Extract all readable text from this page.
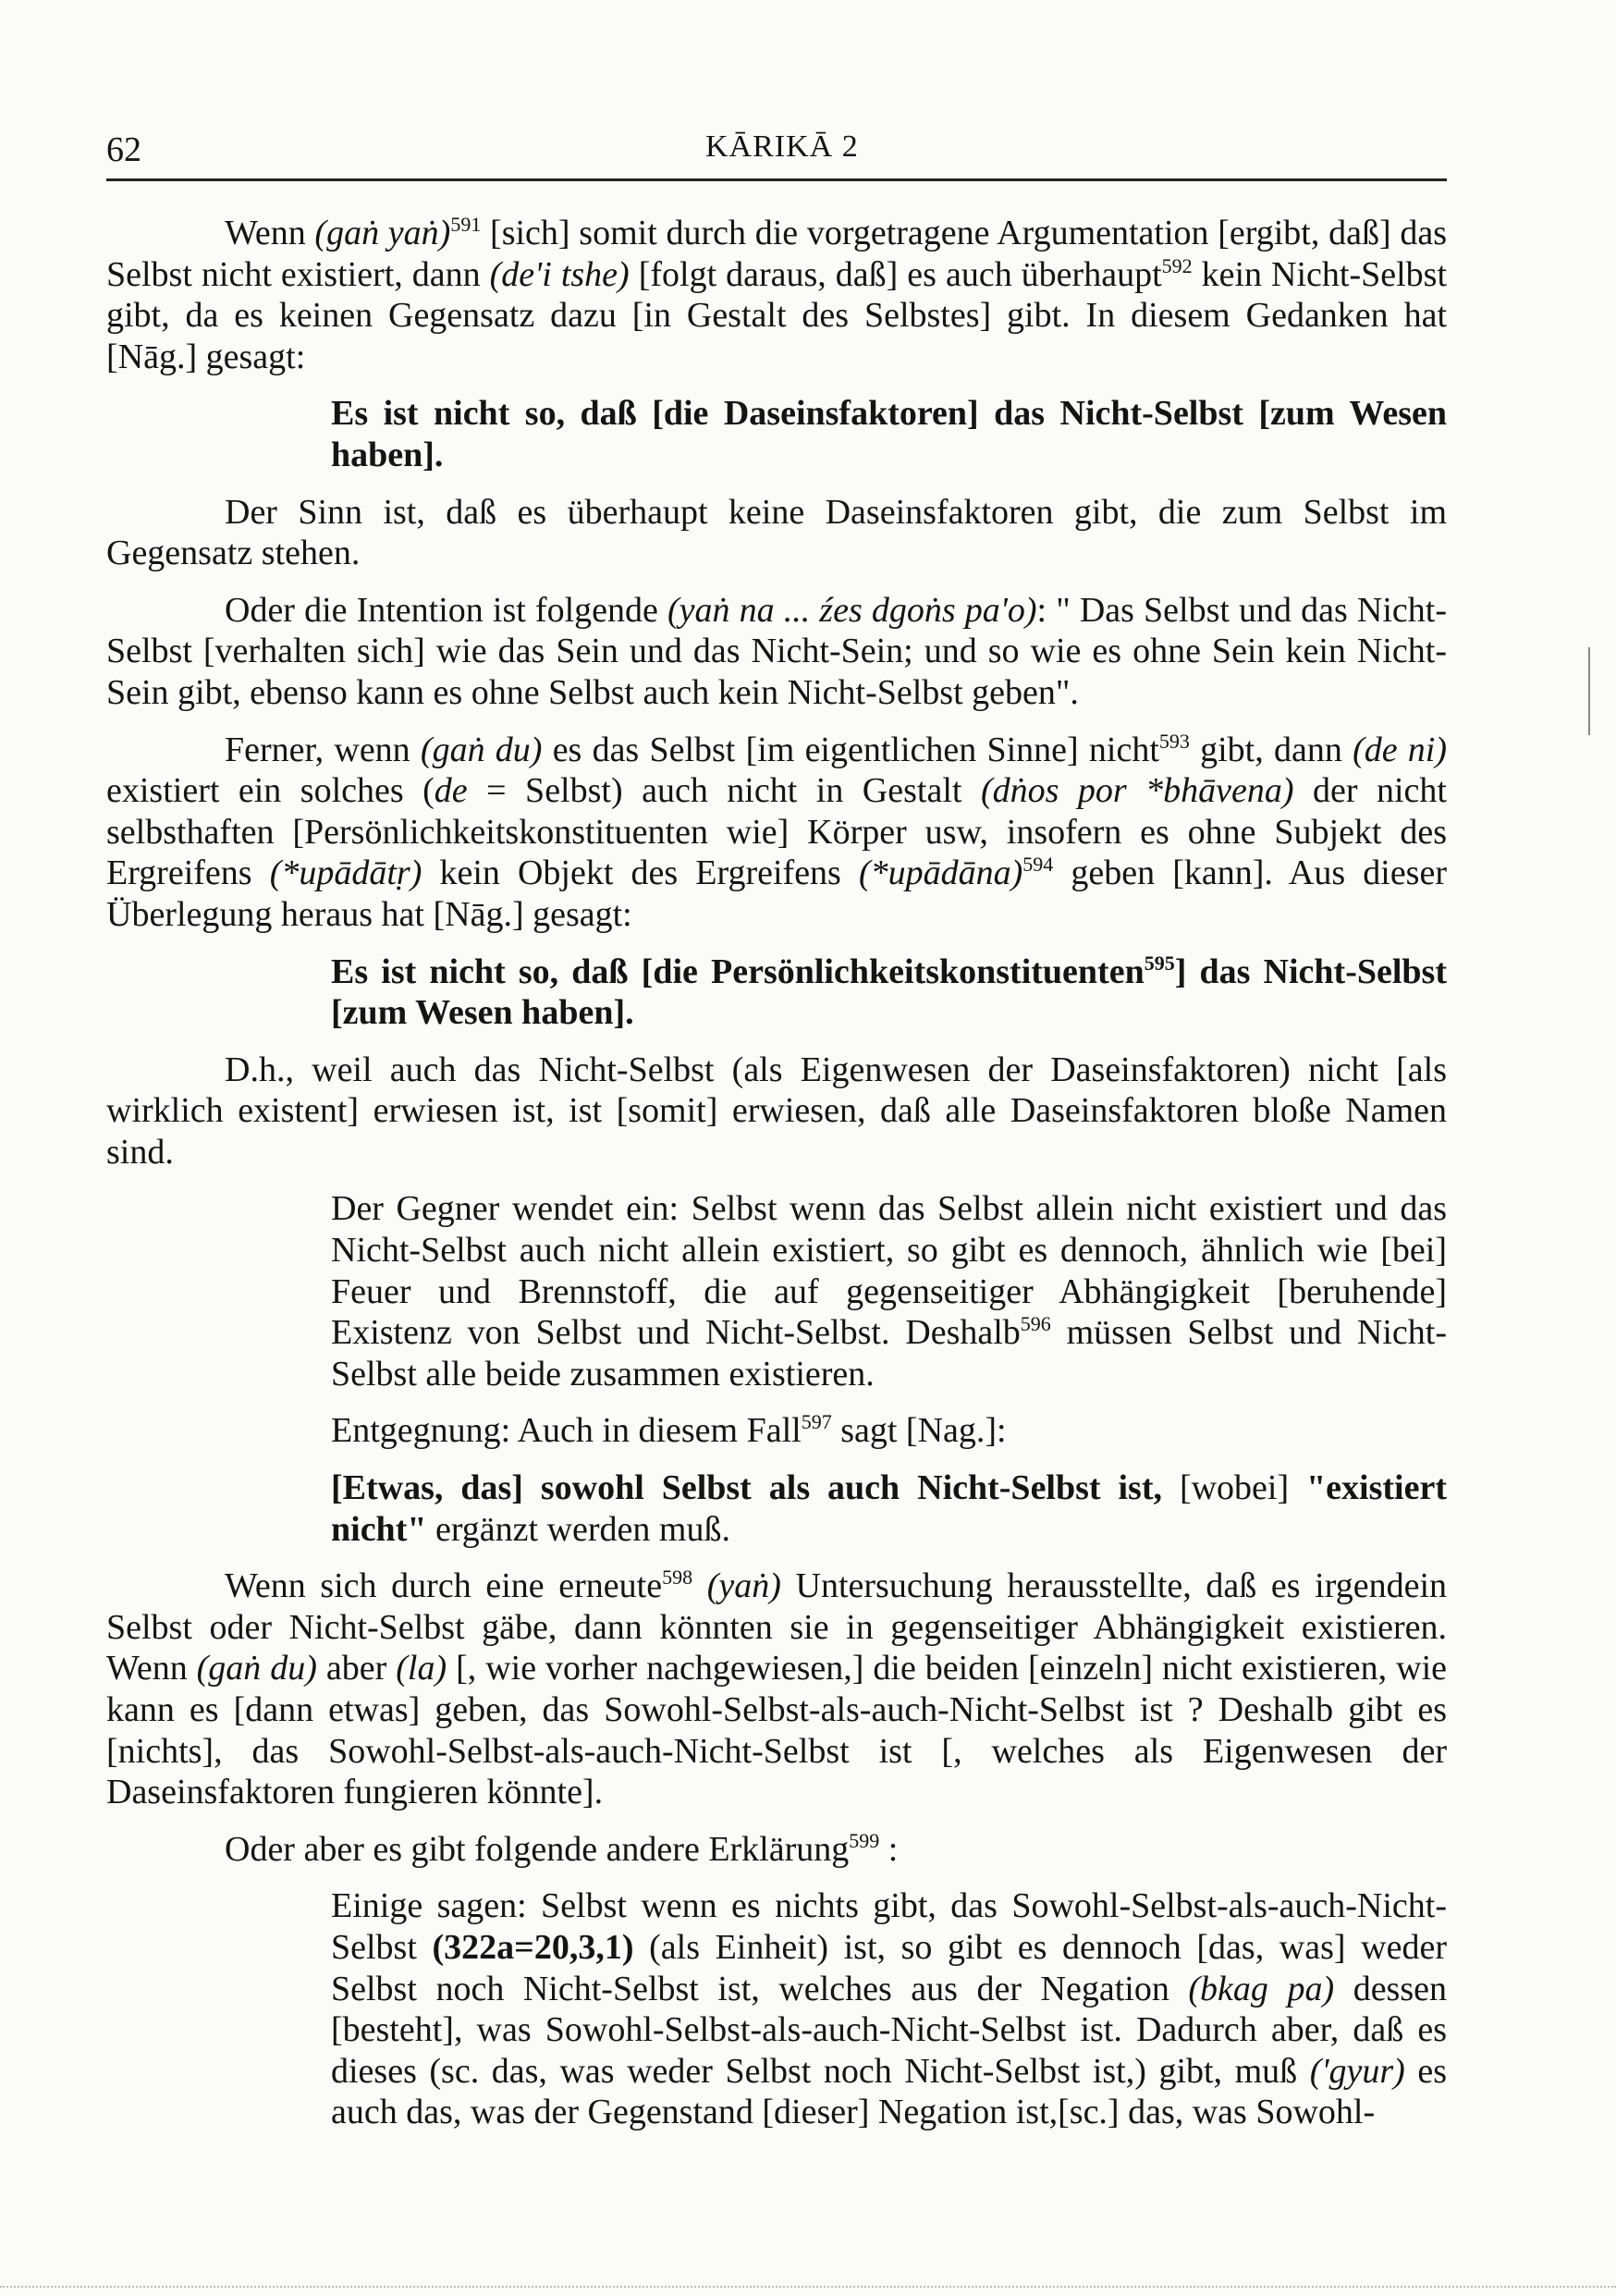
62	KĀRIKĀ 2

Wenn (gaṅ yaṅ)$^{591}$ [sich] somit durch die vorgetragene Argumentation [ergibt, daß] das Selbst nicht existiert, dann (de'i tshe) [folgt daraus, daß] es auch überhaupt$^{592}$ kein Nicht-Selbst gibt, da es keinen Gegensatz dazu [in Gestalt des Selbstes] gibt. In diesem Gedanken hat [Nāg.] gesagt:

Es ist nicht so, daß [die Daseinsfaktoren] das Nicht-Selbst [zum Wesen haben].

Der Sinn ist, daß es überhaupt keine Daseinsfaktoren gibt, die zum Selbst im Gegensatz stehen.

Oder die Intention ist folgende (yaṅ na ... źes dgoṅs pa'o): " Das Selbst und das Nicht-Selbst [verhalten sich] wie das Sein und das Nicht-Sein; und so wie es ohne Sein kein Nicht-Sein gibt, ebenso kann es ohne Selbst auch kein Nicht-Selbst geben".

Ferner, wenn (gaṅ du) es das Selbst [im eigentlichen Sinne] nicht$^{593}$ gibt, dann (de ni) existiert ein solches (de = Selbst) auch nicht in Gestalt (dṅos por *bhāvena) der nicht selbsthaften [Persönlichkeitskonstituenten wie] Körper usw, insofern es ohne Subjekt des Ergreifens (*upādātṛ) kein Objekt des Ergreifens (*upādāna)$^{594}$ geben [kann]. Aus dieser Überlegung heraus hat [Nāg.] gesagt:

Es ist nicht so, daß [die Persönlichkeitskonstituenten$^{595}$] das Nicht-Selbst [zum Wesen haben].

D.h., weil auch das Nicht-Selbst (als Eigenwesen der Daseinsfaktoren) nicht [als wirklich existent] erwiesen ist, ist [somit] erwiesen, daß alle Daseinsfaktoren bloße Namen sind.

Der Gegner wendet ein: Selbst wenn das Selbst allein nicht existiert und das Nicht-Selbst auch nicht allein existiert, so gibt es dennoch, ähnlich wie [bei] Feuer und Brennstoff, die auf gegenseitiger Abhängigkeit [beruhende] Existenz von Selbst und Nicht-Selbst. Deshalb$^{596}$ müssen Selbst und Nicht-Selbst alle beide zusammen existieren.

Entgegnung: Auch in diesem Fall$^{597}$ sagt [Nag.]:

[Etwas, das] sowohl Selbst als auch Nicht-Selbst ist, [wobei] "existiert nicht" ergänzt werden muß.

Wenn sich durch eine erneute$^{598}$ (yaṅ) Untersuchung herausstellte, daß es irgendein Selbst oder Nicht-Selbst gäbe, dann könnten sie in gegenseitiger Abhängigkeit existieren. Wenn (gaṅ du) aber (la) [, wie vorher nachgewiesen,] die beiden [einzeln] nicht existieren, wie kann es [dann etwas] geben, das Sowohl-Selbst-als-auch-Nicht-Selbst ist ? Deshalb gibt es [nichts], das Sowohl-Selbst-als-auch-Nicht-Selbst ist [, welches als Eigenwesen der Daseinsfaktoren fungieren könnte].

Oder aber es gibt folgende andere Erklärung$^{599}$ :

Einige sagen: Selbst wenn es nichts gibt, das Sowohl-Selbst-als-auch-Nicht-Selbst (322a=20,3,1) (als Einheit) ist, so gibt es dennoch [das, was] weder Selbst noch Nicht-Selbst ist, welches aus der Negation (bkag pa) dessen [besteht], was Sowohl-Selbst-als-auch-Nicht-Selbst ist. Dadurch aber, daß es dieses (sc. das, was weder Selbst noch Nicht-Selbst ist,) gibt, muß ('gyur) es auch das, was der Gegenstand [dieser] Negation ist,[sc.] das, was Sowohl-
